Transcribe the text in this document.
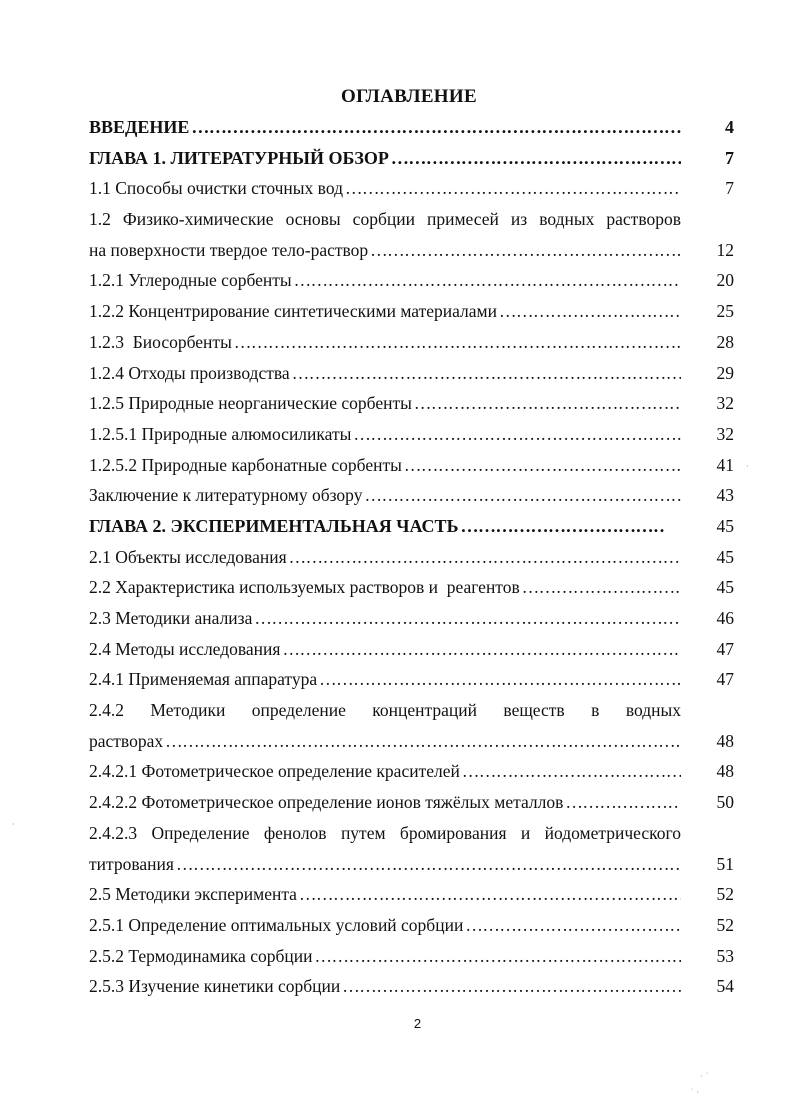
ОГЛАВЛЕНИЕ
ВВЕДЕНИЕ ………………………………………………………………………………………………………………………………………………………………	4
ГЛАВА 1. ЛИТЕРАТУРНЫЙ ОБЗОР ………………………………………………………………………………………………………………………………………………………………	7
1.1 Способы очистки сточных вод ………………………………………………………………………………………………………………………………………………………………	7
1.2 Физико-химические основы сорбции примесей из водных растворов
на поверхности твердое тело-раствор ………………………………………………………………………………………………………………………………………………………………	12
1.2.1 Углеродные сорбенты ………………………………………………………………………………………………………………………………………………………………	20
1.2.2 Концентрирование синтетическими материалами ………………………………………………………………………………………………………………………………………………………………	25
1.2.3  Биосорбенты ………………………………………………………………………………………………………………………………………………………………	28
1.2.4 Отходы производства ………………………………………………………………………………………………………………………………………………………………	29
1.2.5 Природные неорганические сорбенты ………………………………………………………………………………………………………………………………………………………………	32
1.2.5.1 Природные алюмосиликаты ………………………………………………………………………………………………………………………………………………………………	32
1.2.5.2 Природные карбонатные сорбенты ………………………………………………………………………………………………………………………………………………………………	41
Заключение к литературному обзору ………………………………………………………………………………………………………………………………………………………………	43
ГЛАВА 2. ЭКСПЕРИМЕНТАЛЬНАЯ ЧАСТЬ ………………………………………………………………………………………………………………………………………………………………	45
2.1 Объекты исследования ………………………………………………………………………………………………………………………………………………………………	45
2.2 Характеристика используемых растворов и  реагентов ………………………………………………………………………………………………………………………………………………………………	45
2.3 Методики анализа ………………………………………………………………………………………………………………………………………………………………	46
2.4 Методы исследования ………………………………………………………………………………………………………………………………………………………………	47
2.4.1 Применяемая аппаратура ………………………………………………………………………………………………………………………………………………………………	47
2.4.2 Методики определение концентраций веществ в водных
растворах ………………………………………………………………………………………………………………………………………………………………	48
2.4.2.1 Фотометрическое определение красителей ………………………………………………………………………………………………………………………………………………………………	48
2.4.2.2 Фотометрическое определение ионов тяжёлых металлов ………………………………………………………………………………………………………………………………………………………………	50
2.4.2.3 Определение фенолов путем бромирования и йодометрического
титрования ………………………………………………………………………………………………………………………………………………………………	51
2.5 Методики эксперимента ………………………………………………………………………………………………………………………………………………………………	52
2.5.1 Определение оптимальных условий сорбции ………………………………………………………………………………………………………………………………………………………………	52
2.5.2 Термодинамика сорбции ………………………………………………………………………………………………………………………………………………………………	53
2.5.3 Изучение кинетики сорбции ………………………………………………………………………………………………………………………………………………………………	54
2
·
·
· ˙
˙ ·
